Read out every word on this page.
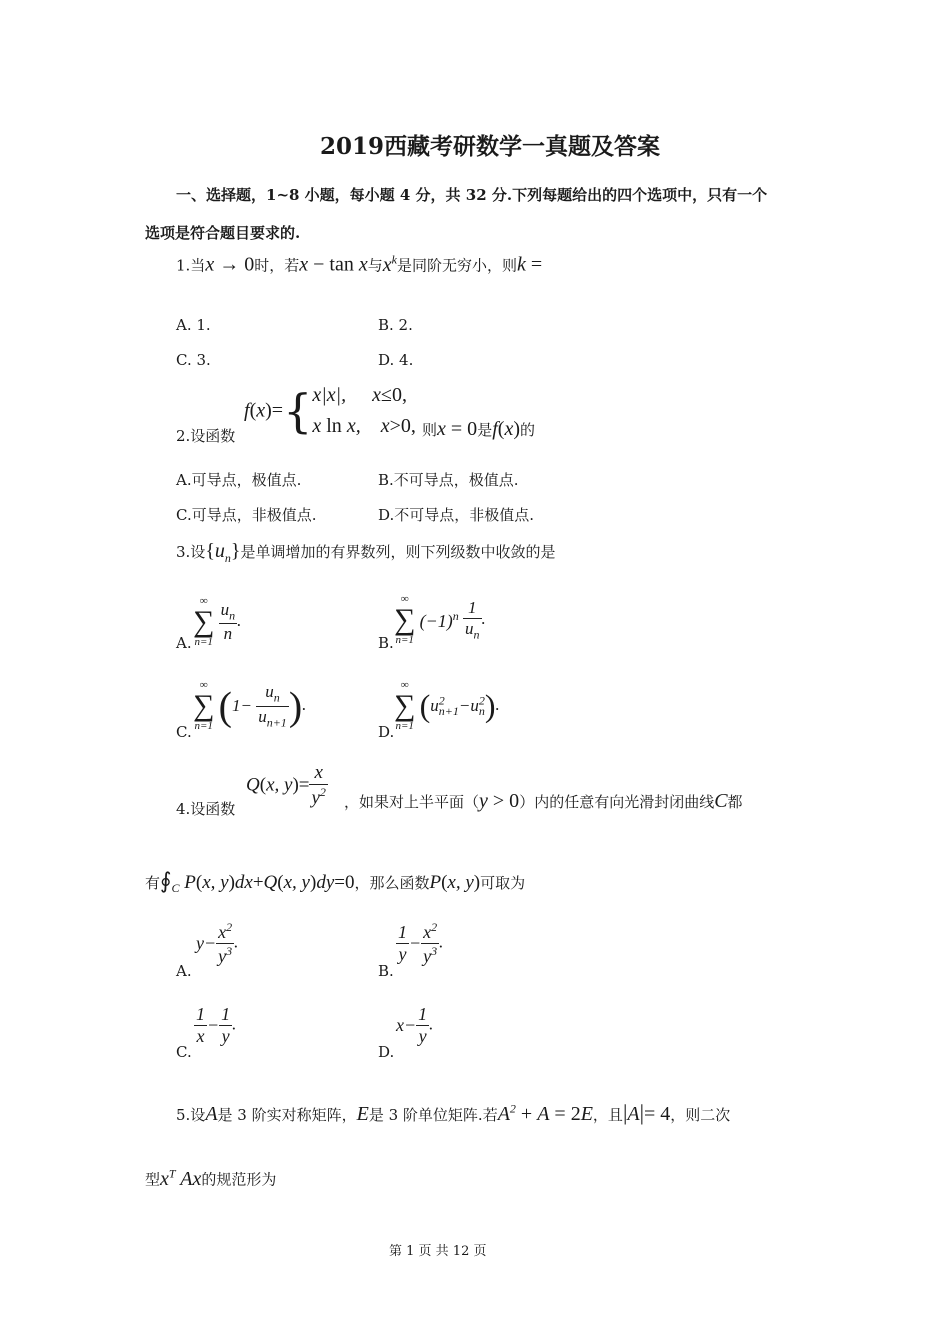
2019西藏考研数学一真题及答案
一、选择题，1~8 小题，每小题 4 分，共 32 分.下列每题给出的四个选项中，只有一个
选项是符合题目要求的.
1.当x → 0时，若x − tan x与$x^k$是同阶无穷小，则k =
A. 1.	B. 2.
C. 3.	D. 4.
2.设函数
f(x)={x|x|, x≤0,
x ln x, x>0, 则x = 0是f(x)的
A.可导点，极值点.	B.不可导点，极值点.
C.可导点，非极值点.	D.不可导点，非极值点.
3.设$\{u_n\}$是单调增加的有界数列，则下列级数中收敛的是
A.
∞
∑
n=1
$\frac{u_n}{n}$ .
B.
∞
∑
n=1
$(-1)^n \frac{1}{u_n}$ .
C.
∞
∑
n=1 ($1- \frac{u_n}{u_{n+1}}$ ).
D.
∞
∑
n=1
$(u^2_{n+1}-u^2_n)$.
4.设函数
Q(x, $y)= \frac{x}{y^2}$ ，如果对上半平面（y > 0）内的任意有向光滑封闭曲线C都
有$∮_C$ P(x, y)dx+Q(x, y)dy=0，那么函数P(x, y)可取为
A.
$y- \frac{x^2}{y^3}$ .
B.
$\frac{1}{y} - \frac{x^2}{y^3}$ .
C.
$\frac{1}{x} - \frac{1}{y}$ .
D.
$x- \frac{1}{y}$ .
5.设A是 3 阶实对称矩阵，E是 3 阶单位矩阵.若$A^2 + A = 2E$，且|A|= 4，则二次
型$x^T$ Ax的规范形为
第 1 页 共 12 页
